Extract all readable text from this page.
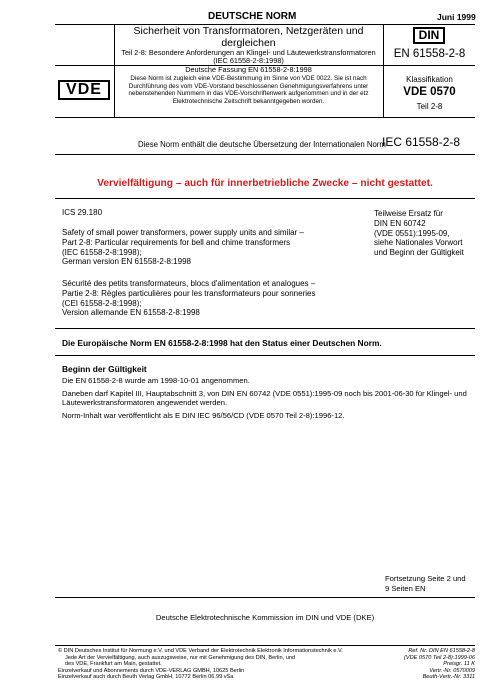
DEUTSCHE NORM	Juni 1999
Sicherheit von Transformatoren, Netzgeräten und dergleichen
Teil 2-8: Besondere Anforderungen an Klingel- und Läutewerkstransformatoren
(IEC 61558-2-8:1998)
Deutsche Fassung EN 61558-2-8:1998
DIN
EN 61558-2-8
VDE
Diese Norm ist zugleich eine VDE-Bestimmung im Sinne von VDE 0022. Sie ist nach
Durchführung des vom VDE-Vorstand beschlossenen Genehmigungsverfahrens unter
nebenstehenden Nummern in das VDE-Vorschriftenwerk aufgenommen und in der etz
Elektrotechnische Zeitschrift bekanntgegeben worden.
Klassifikation
VDE 0570
Teil 2-8
Diese Norm enthält die deutsche Übersetzung der Internationalen Norm
IEC 61558-2-8
Vervielfältigung – auch für innerbetriebliche Zwecke – nicht gestattet.
ICS 29.180
Safety of small power transformers, power supply units and similar –
Part 2-8: Particular requirements for bell and chime transformers
(IEC 61558-2-8:1998);
German version EN 61558-2-8:1998
Sécurité des petits transformateurs, blocs d'alimentation et analogues –
Partie 2-8: Règles particulières pour les transformateurs pour sonneries
(CEI 61558-2-8:1998);
Version allemande EN 61558-2-8:1998
Teilweise Ersatz für
DIN EN 60742
(VDE 0551):1995-09,
siehe Nationales Vorwort
und Beginn der Gültigkeit
Die Europäische Norm EN 61558-2-8:1998 hat den Status einer Deutschen Norm.
Beginn der Gültigkeit
Die EN 61558-2-8 wurde am 1998-10-01 angenommen.
Daneben darf Kapitel III, Hauptabschnitt 3, von DIN EN 60742 (VDE 0551):1995-09 noch bis 2001-06-30 für Klingel- und
Läutewerkstransformatoren angewendet werden.
Norm-Inhalt war veröffentlicht als E DIN IEC 96/56/CD (VDE 0570 Teil 2-8):1996-12.
Fortsetzung Seite 2 und
9 Seiten EN
Deutsche Elektrotechnische Kommission im DIN und VDE (DKE)
© DIN Deutsches Institut für Normung e.V. und VDE Verband der Elektrotechnik Elektronik Informationstechnik e.V.
Jede Art der Vervielfältigung, auch auszugsweise, nur mit Genehmigung des DIN, Berlin, und
des VDE, Frankfurt am Main, gestattet.
Einzelverkauf und Abonnements durch VDE-VERLAG GMBH, 10625 Berlin
Einzelverkauf auch durch Beuth Verlag GmbH, 10772 Berlin 06.99 vSa
Ref. Nr. DIN EN 61558-2-8
(VDE 0570 Teil 2-8):1999-06
Preisgr. 11 K
Vertr.-Nr. 0570009
Beuth-Vertr.-Nr. 3311
